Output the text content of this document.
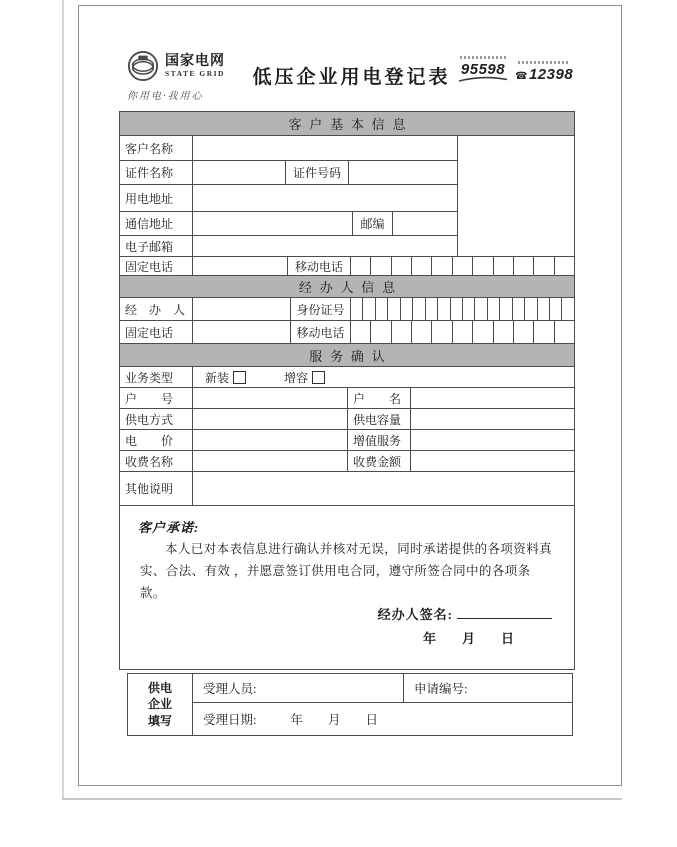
国家电网
STATE GRID
你用电·我用心
低压企业用电登记表 95598 ☎12398
客户基本信息
客户名称
证件名称	证件号码
用电地址
通信地址	邮编
电子邮箱
固定电话	移动电话
经办人信息
经　办　人	身份证号
固定电话	移动电话
服务确认
业务类型	新装	增容
户　　号	户　　名
供电方式	供电容量
电　　价	增值服务
收费名称	收费金额
其他说明
客户承诺:
本人已对本表信息进行确认并核对无误，同时承诺提供的各项资料真实、合法、有效 ，并愿意签订供用电合同，遵守所签合同中的各项条款。
经办人签名:
年　　月　　日
供电
企业
填写
受理人员:	申请编号:
受理日期:	年　　月　　日
